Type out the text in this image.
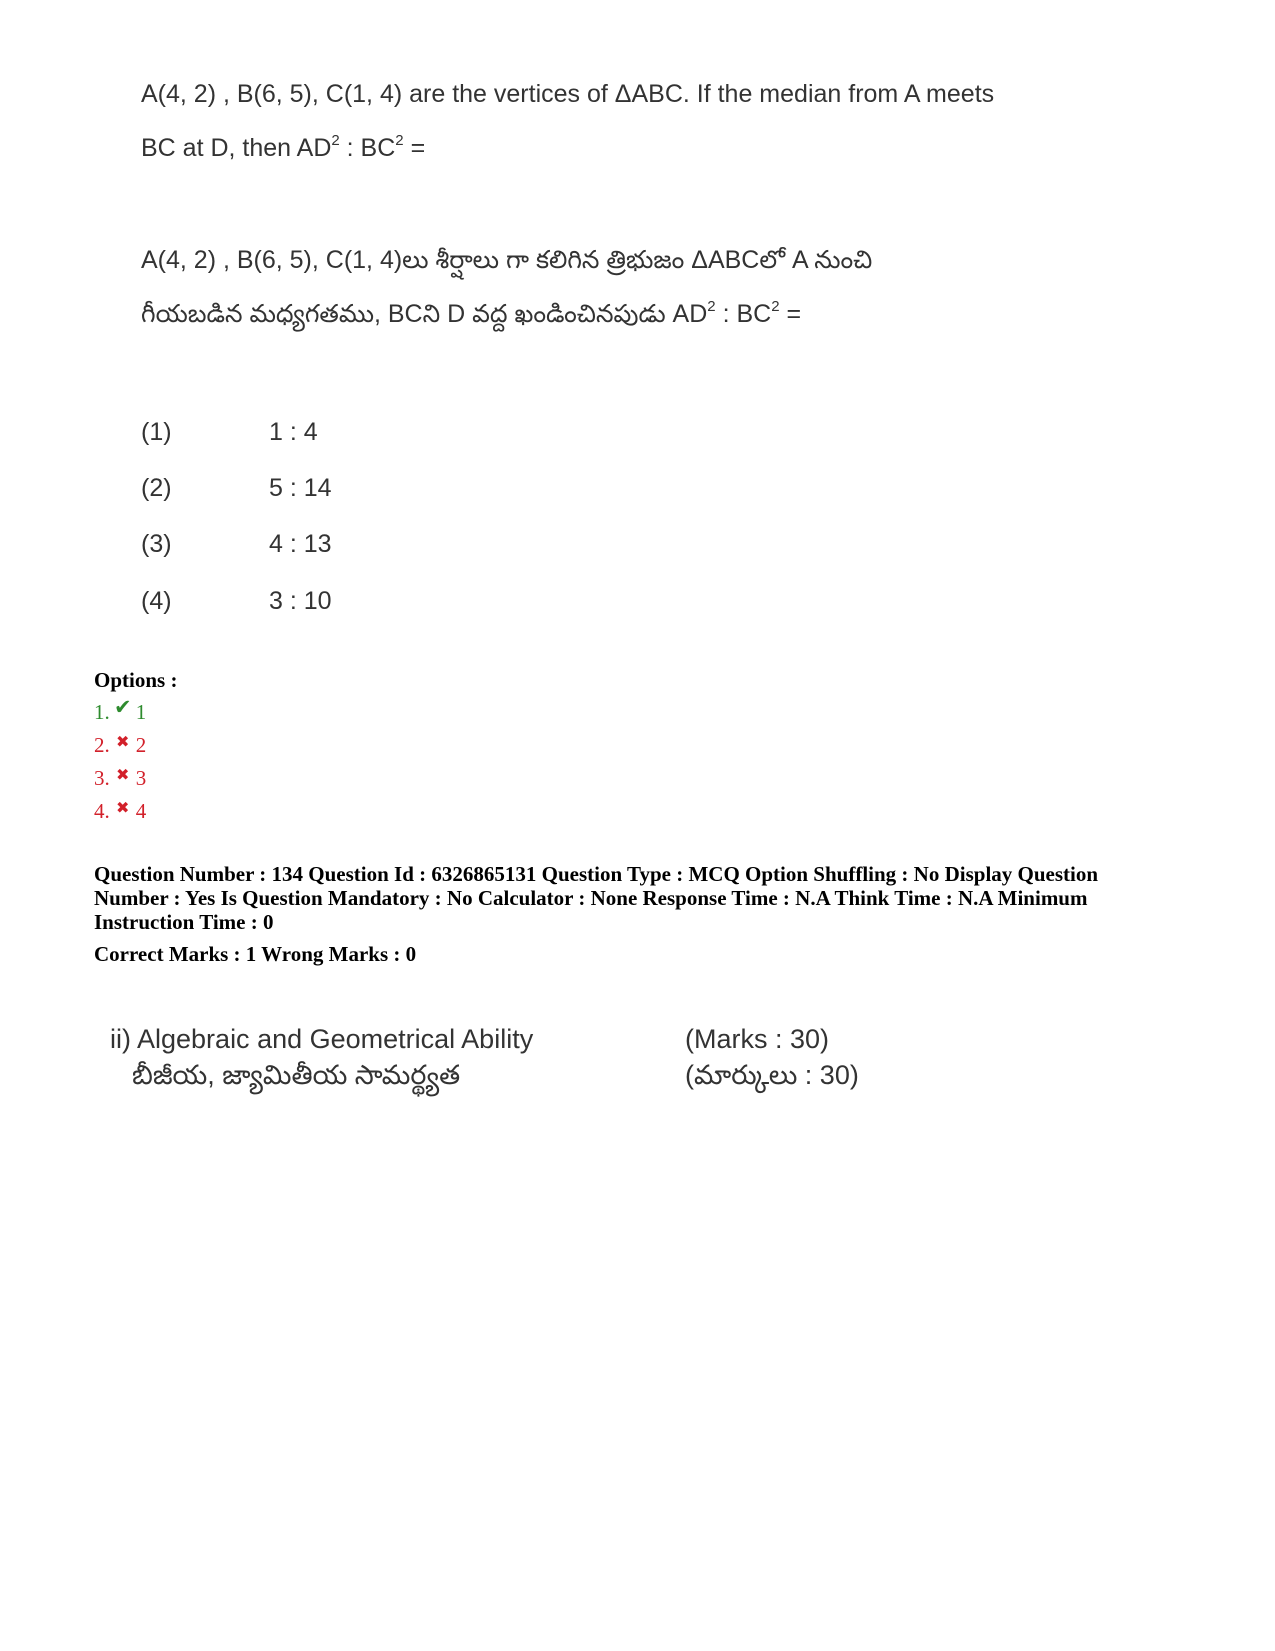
A(4, 2) , B(6, 5), C(1, 4) are the vertices of ΔABC. If the median from A meets
BC at D, then $AD^2$ : $BC^2$ =
A(4, 2) , B(6, 5), C(1, 4)లు శీర్షాలు గా కలిగిన త్రిభుజం ΔABCలో A నుంచి
గీయబడిన మధ్యగతము, BCని D వద్ద ఖండించినపుడు $AD^2$ : $BC^2$ =
(1)	1 : 4
(2)	5 : 14
(3)	4 : 13
(4)	3 : 10
Options :
1. ✔ 1
2. ✖ 2
3. ✖ 3
4. ✖ 4
Question Number : 134 Question Id : 6326865131 Question Type : MCQ Option Shuffling : No Display Question
Number : Yes Is Question Mandatory : No Calculator : None Response Time : N.A Think Time : N.A Minimum
Instruction Time : 0
Correct Marks : 1 Wrong Marks : 0
ii) Algebraic and Geometrical Ability
బీజీయ, జ్యామితీయ సామర్థ్యత
(Marks : 30)
(మార్కులు : 30)
